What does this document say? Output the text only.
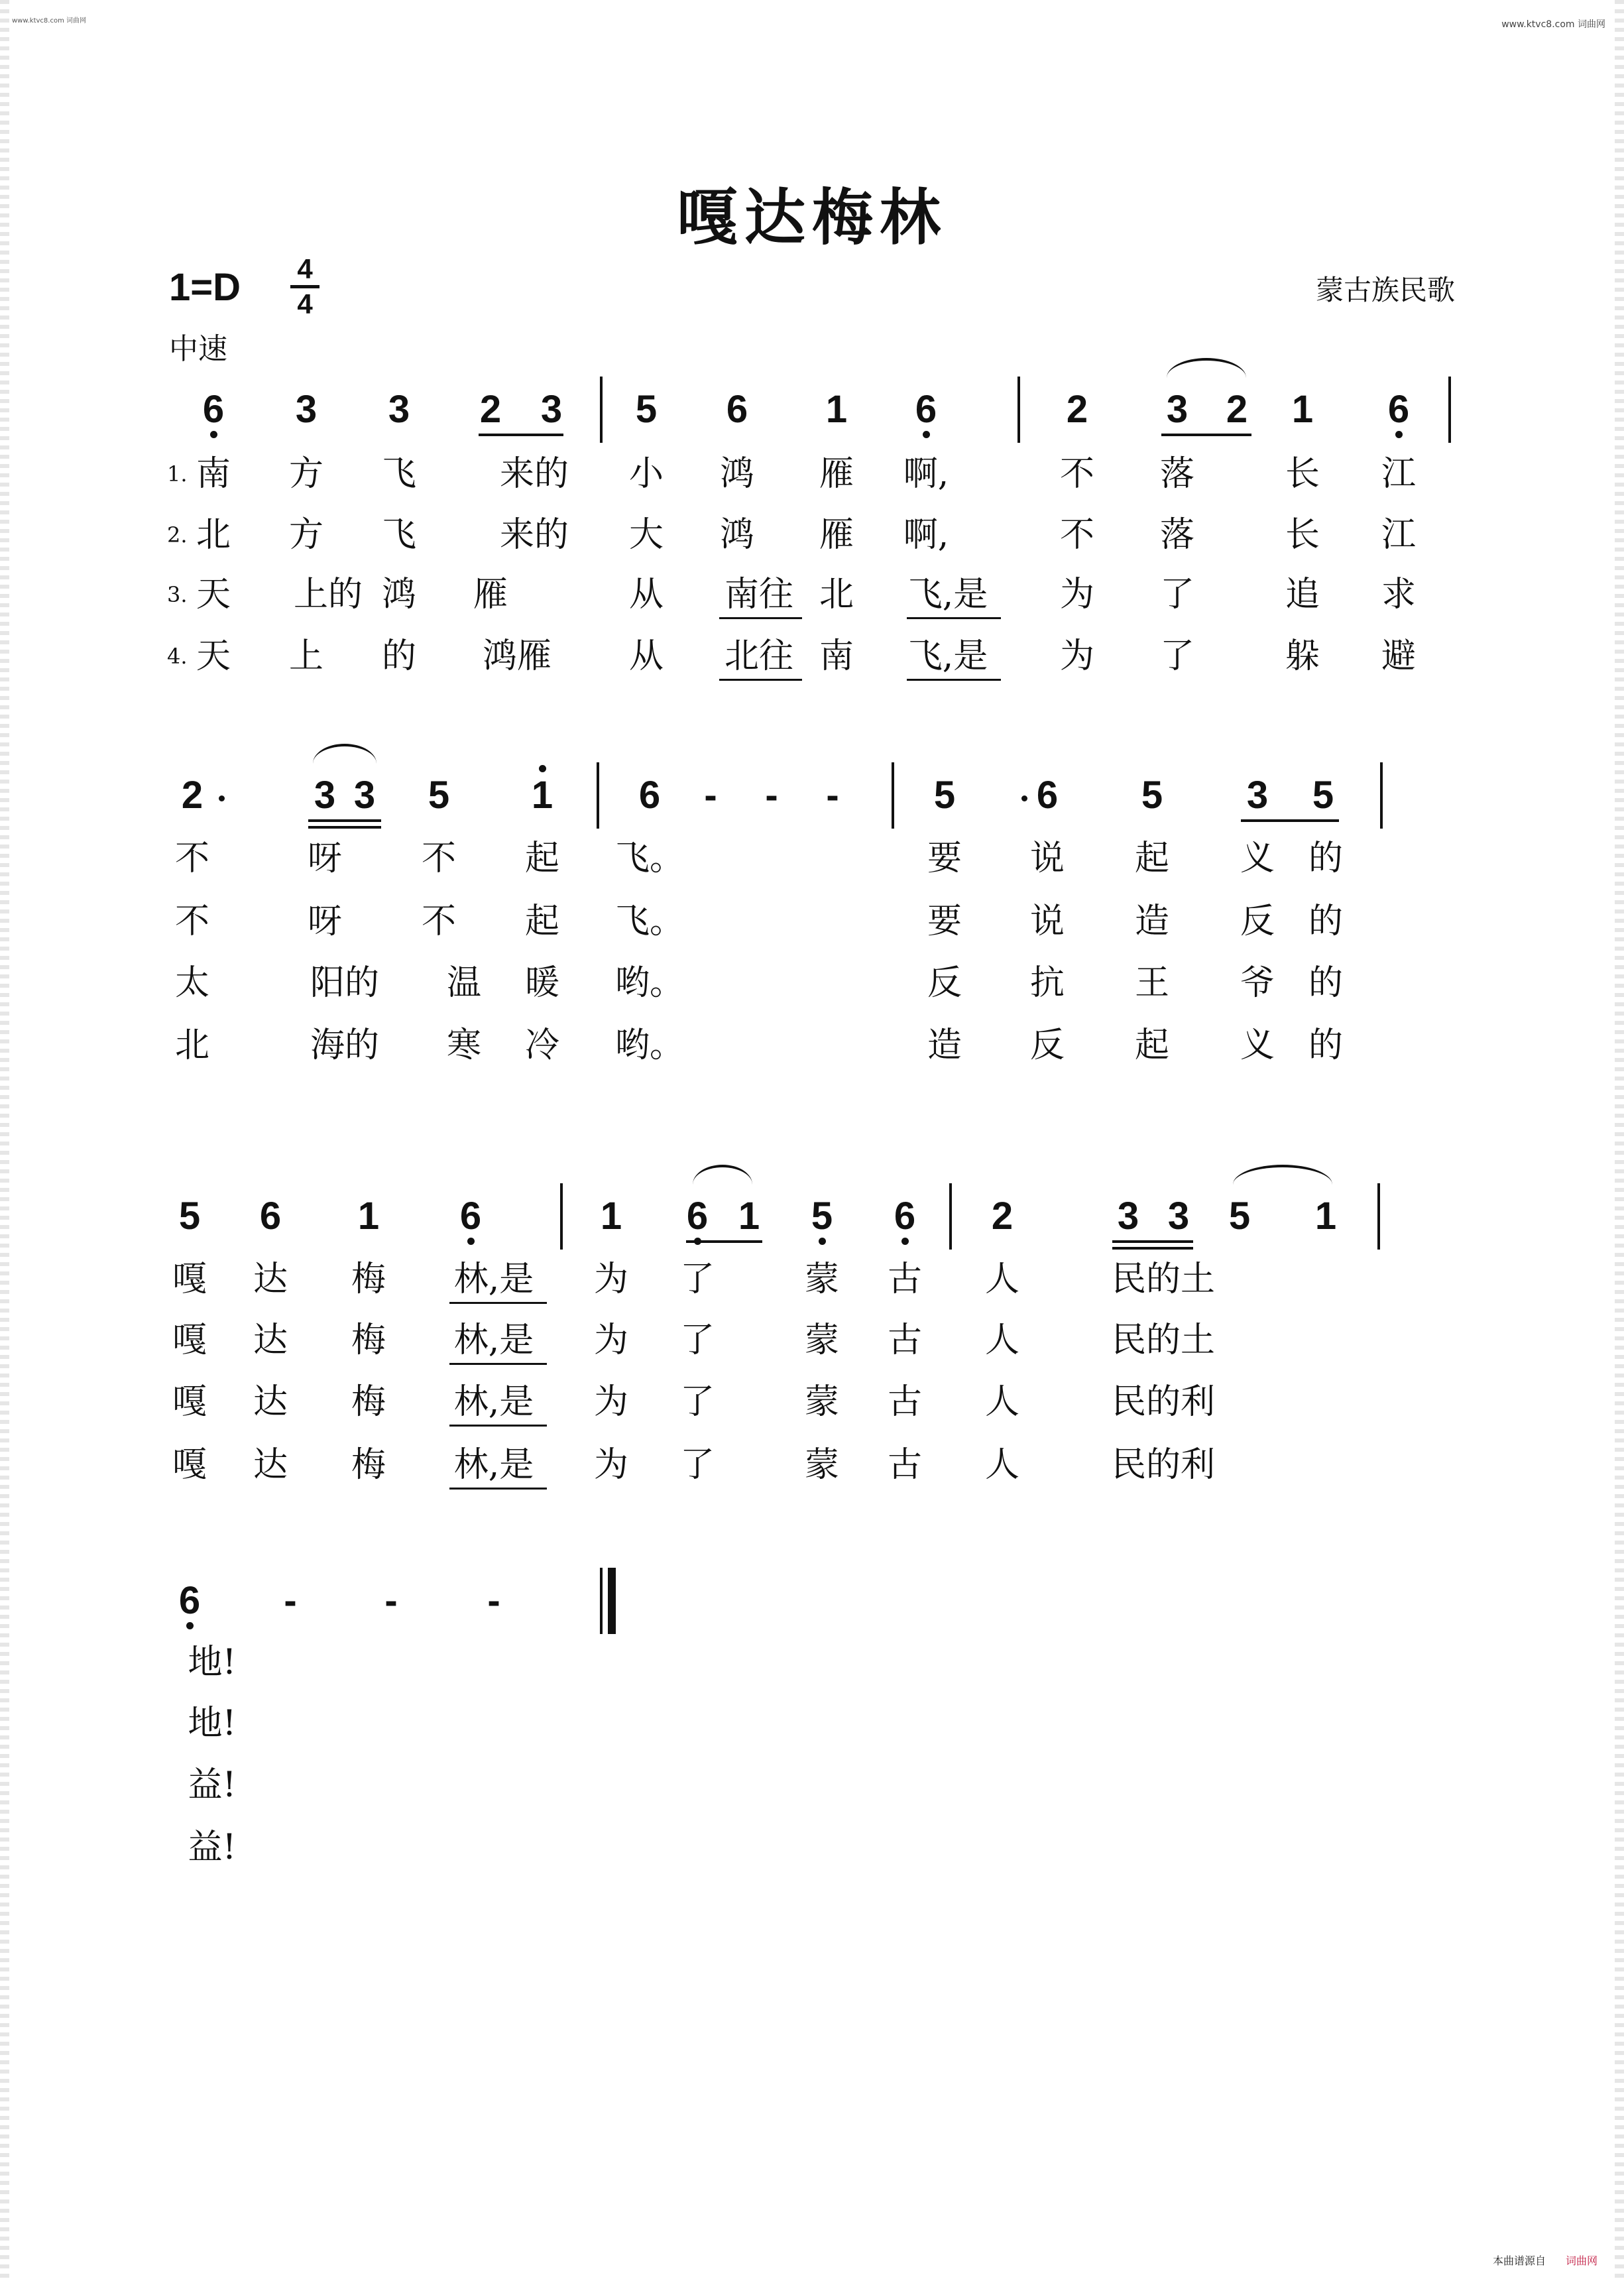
www.ktvc8.com 词曲网	www.ktvc8.com 词曲网
嘎达梅林
1=D 4
4
中速
蒙古族民歌
6 3 3 2 3 5 6 1 6	2 3 2 1 6
1. 南 方 飞 来的 小 鸿 雁	啊,	不 落	长 江
2. 北 方 飞 来的 大 鸿 雁	啊,	不 落	长 江
3. 天 上的 鸿 雁	从 南往 北	飞,是	为 了	追 求
4. 天 上 的 鸿雁 从 北往 南	飞,是	为 了	躲 避
2	3 3 5 1 6	-	-	-	5 6 5 3 5
不	呀 不 起 飞。	要 说 起 义 的
不	呀 不 起 飞。	要 说 造 反 的
太	阳的 温 暖 哟。	反 抗 王 爷 的
北	海的 寒 冷 哟。	造 反 起 义 的
5 6 1 6	1 6 1 5 6 2	3 3 5 1
嘎 达 梅	林,是	为 了	蒙 古 人	民的土
嘎 达 梅	林,是	为 了	蒙 古 人	民的土
嘎 达 梅	林,是	为 了	蒙 古 人	民的利
嘎 达 梅	林,是	为 了	蒙 古 人	民的利
6	-	-	-
地!
地!
益!
益!
本曲谱源自 词曲网
